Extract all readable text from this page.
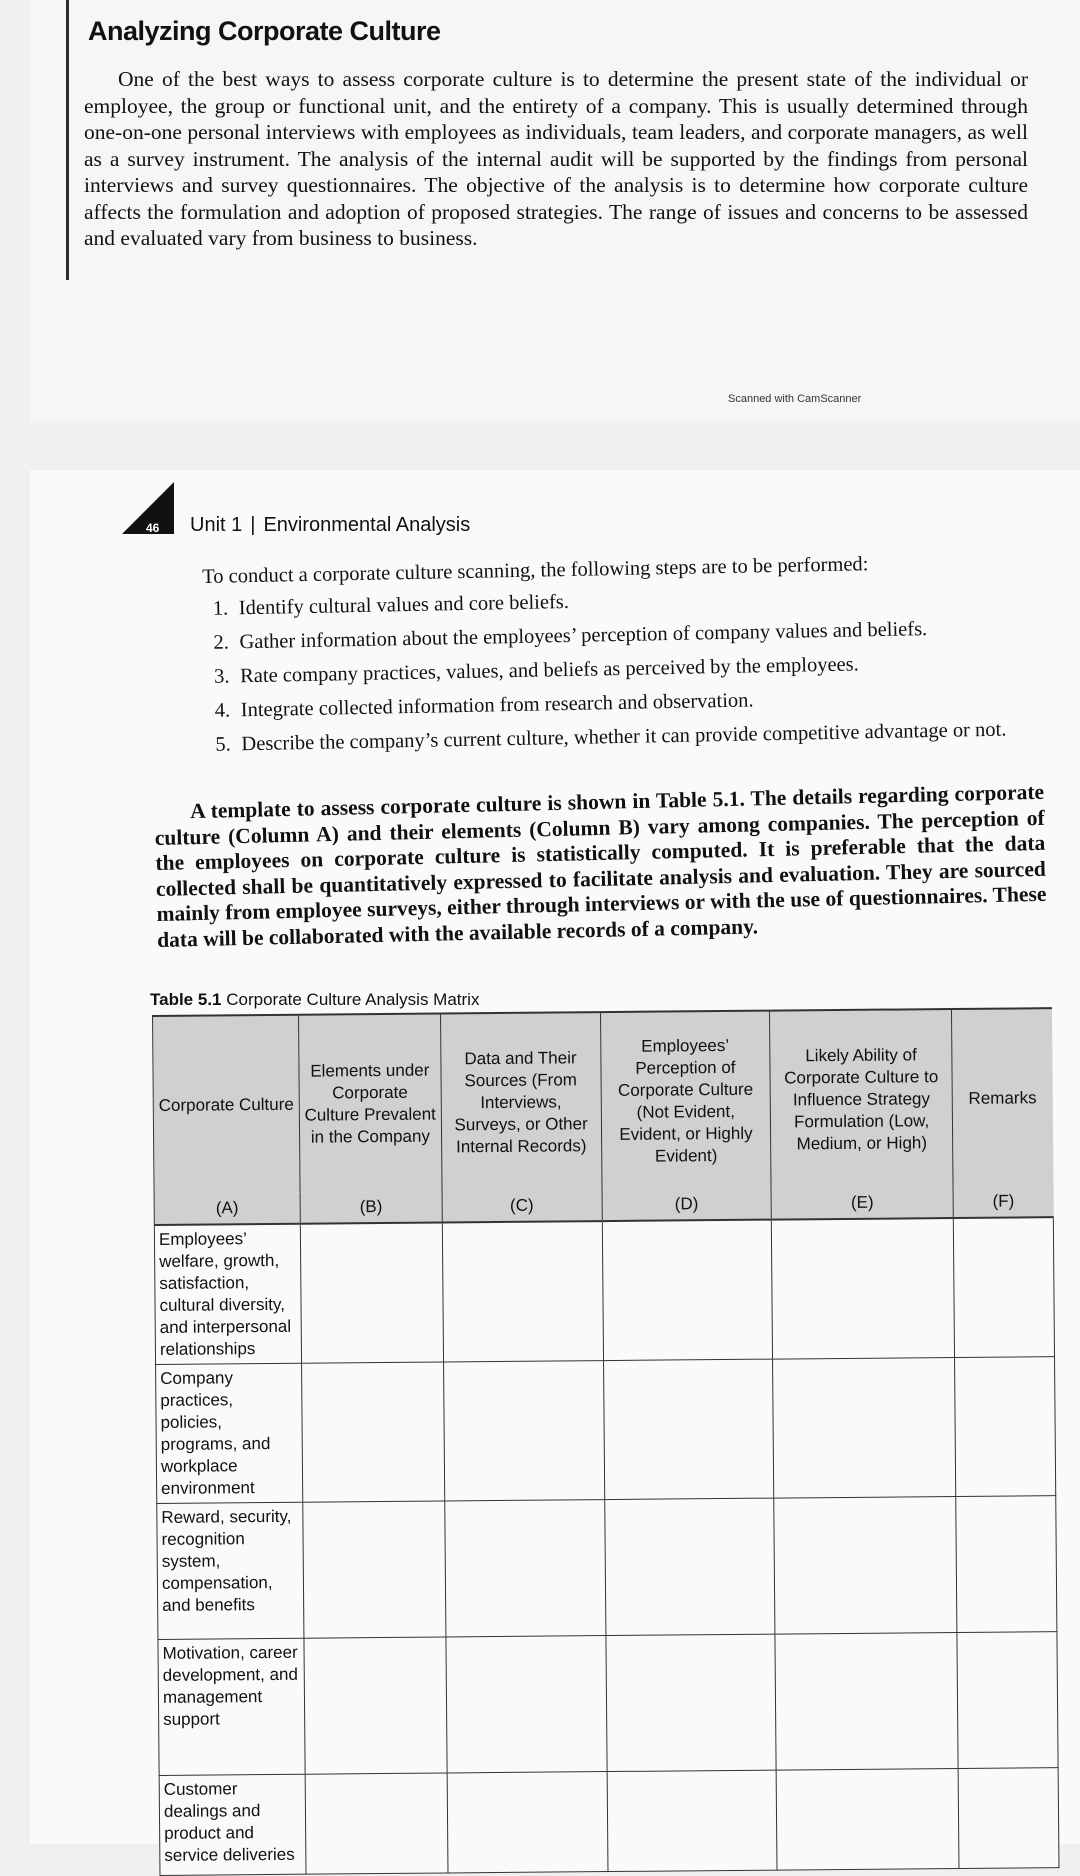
Analyzing Corporate Culture

One of the best ways to assess corporate culture is to determine the present state of the individual or employee, the group or functional unit, and the entirety of a company. This is usually determined through one-on-one personal interviews with employees as individuals, team leaders, and corporate managers, as well as a survey instrument. The analysis of the internal audit will be supported by the findings from personal interviews and survey questionnaires. The objective of the analysis is to determine how corporate culture affects the formulation and adoption of proposed strategies. The range of issues and concerns to be assessed and evaluated vary from business to business.

Scanned with CamScanner
46 Unit 1 | Environmental Analysis

To conduct a corporate culture scanning, the following steps are to be performed:

1. Identify cultural values and core beliefs.
2. Gather information about the employees’ perception of company values and beliefs.
3. Rate company practices, values, and beliefs as perceived by the employees.
4. Integrate collected information from research and observation.
5. Describe the company’s current culture, whether it can provide competitive advantage or not.

A template to assess corporate culture is shown in Table 5.1. The details regarding corporate culture (Column A) and their elements (Column B) vary among companies. The perception of the employees on corporate culture is statistically computed. It is preferable that the data collected shall be quantitatively expressed to facilitate analysis and evaluation. They are sourced mainly from employee surveys, either through interviews or with the use of questionnaires. These data will be collaborated with the available records of a company.

Table 5.1 Corporate Culture Analysis Matrix
Corporate Culture	Elements under Corporate Culture Prevalent in the Company	Data and Their Sources (From Interviews, Surveys, or Other Internal Records)	Employees’ Perception of Corporate Culture (Not Evident, Evident, or Highly Evident)	Likely Ability of Corporate Culture to Influence Strategy Formulation (Low, Medium, or High)	Remarks
(A)	(B)	(C)	(D)	(E)	(F)
Employees’ welfare, growth, satisfaction, cultural diversity, and interpersonal relationships					
Company practices, policies, programs, and workplace environment					
Reward, security, recognition system, compensation, and benefits					
Motivation, career development, and management support					
Customer dealings and product and service deliveries					
